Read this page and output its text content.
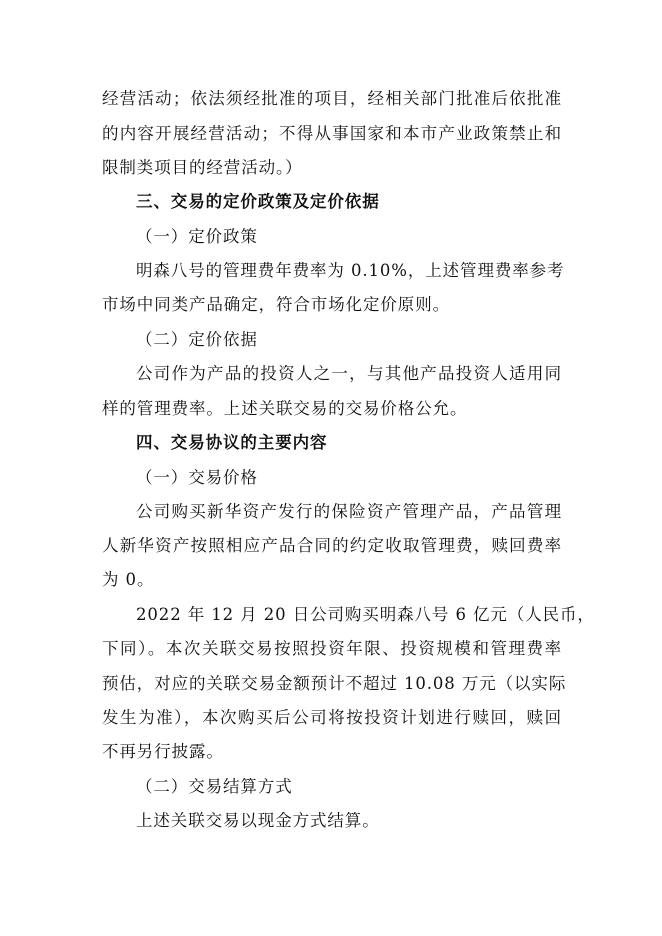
经营活动；依法须经批准的项目，经相关部门批准后依批准
的内容开展经营活动；不得从事国家和本市产业政策禁止和
限制类项目的经营活动。）
三、交易的定价政策及定价依据
（一）定价政策
明森八号的管理费年费率为 0.10%，上述管理费率参考
市场中同类产品确定，符合市场化定价原则。
（二）定价依据
公司作为产品的投资人之一，与其他产品投资人适用同
样的管理费率。上述关联交易的交易价格公允。
四、交易协议的主要内容
（一）交易价格
公司购买新华资产发行的保险资产管理产品，产品管理
人新华资产按照相应产品合同的约定收取管理费，赎回费率
为 0。
2022 年 12 月 20 日公司购买明森八号 6 亿元（人民币，
下同）。本次关联交易按照投资年限、投资规模和管理费率
预估，对应的关联交易金额预计不超过 10.08 万元（以实际
发生为准），本次购买后公司将按投资计划进行赎回，赎回
不再另行披露。
（二）交易结算方式
上述关联交易以现金方式结算。
